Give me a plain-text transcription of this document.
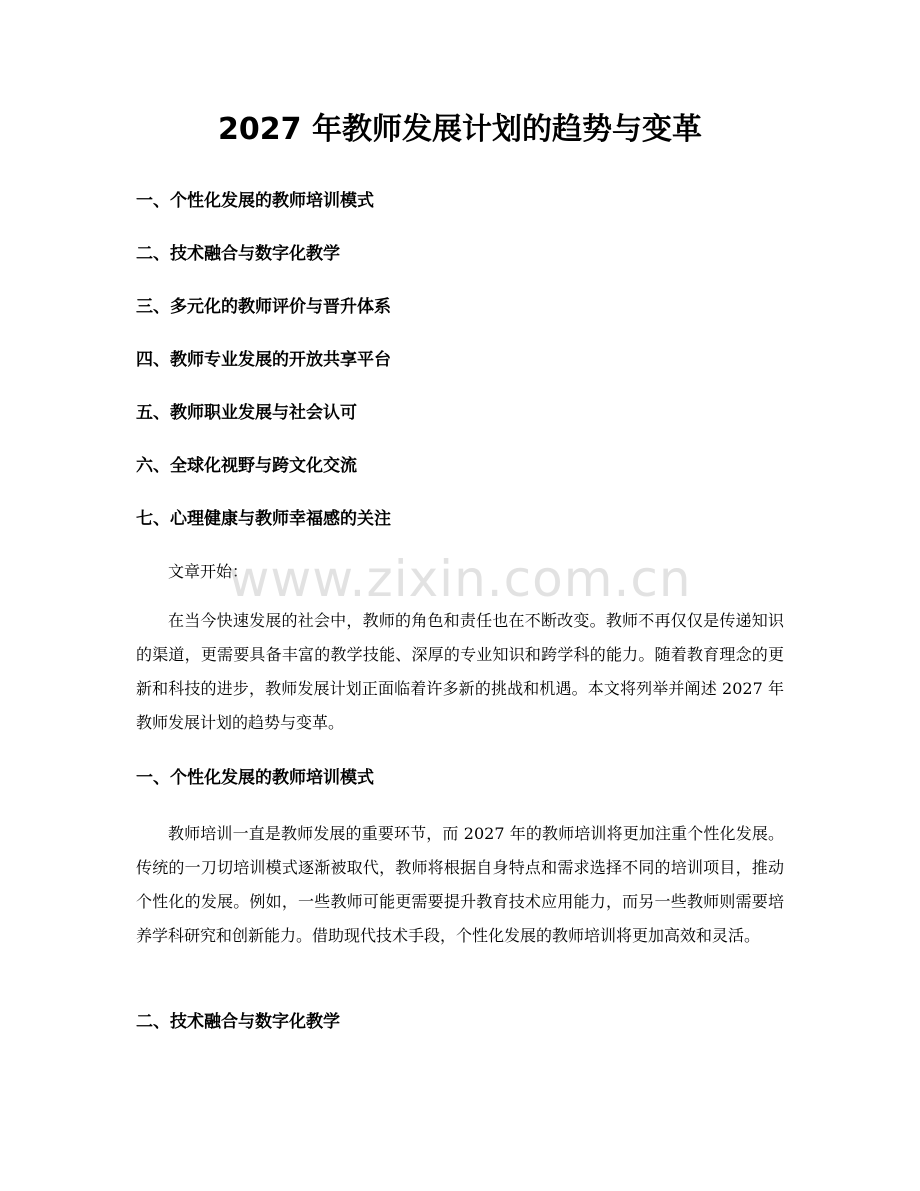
2027 年教师发展计划的趋势与变革
一、个性化发展的教师培训模式
二、技术融合与数字化教学
三、多元化的教师评价与晋升体系
四、教师专业发展的开放共享平台
五、教师职业发展与社会认可
六、全球化视野与跨文化交流
七、心理健康与教师幸福感的关注

文章开始：

在当今快速发展的社会中，教师的角色和责任也在不断改变。教师不再仅仅是传递知识的渠道，更需要具备丰富的教学技能、深厚的专业知识和跨学科的能力。随着教育理念的更新和科技的进步，教师发展计划正面临着许多新的挑战和机遇。本文将列举并阐述 2027 年教师发展计划的趋势与变革。

一、个性化发展的教师培训模式

教师培训一直是教师发展的重要环节，而 2027 年的教师培训将更加注重个性化发展。传统的一刀切培训模式逐渐被取代，教师将根据自身特点和需求选择不同的培训项目，推动个性化的发展。例如，一些教师可能更需要提升教育技术应用能力，而另一些教师则需要培养学科研究和创新能力。借助现代技术手段，个性化发展的教师培训将更加高效和灵活。

二、技术融合与数字化教学
www.zixin.com.cn
